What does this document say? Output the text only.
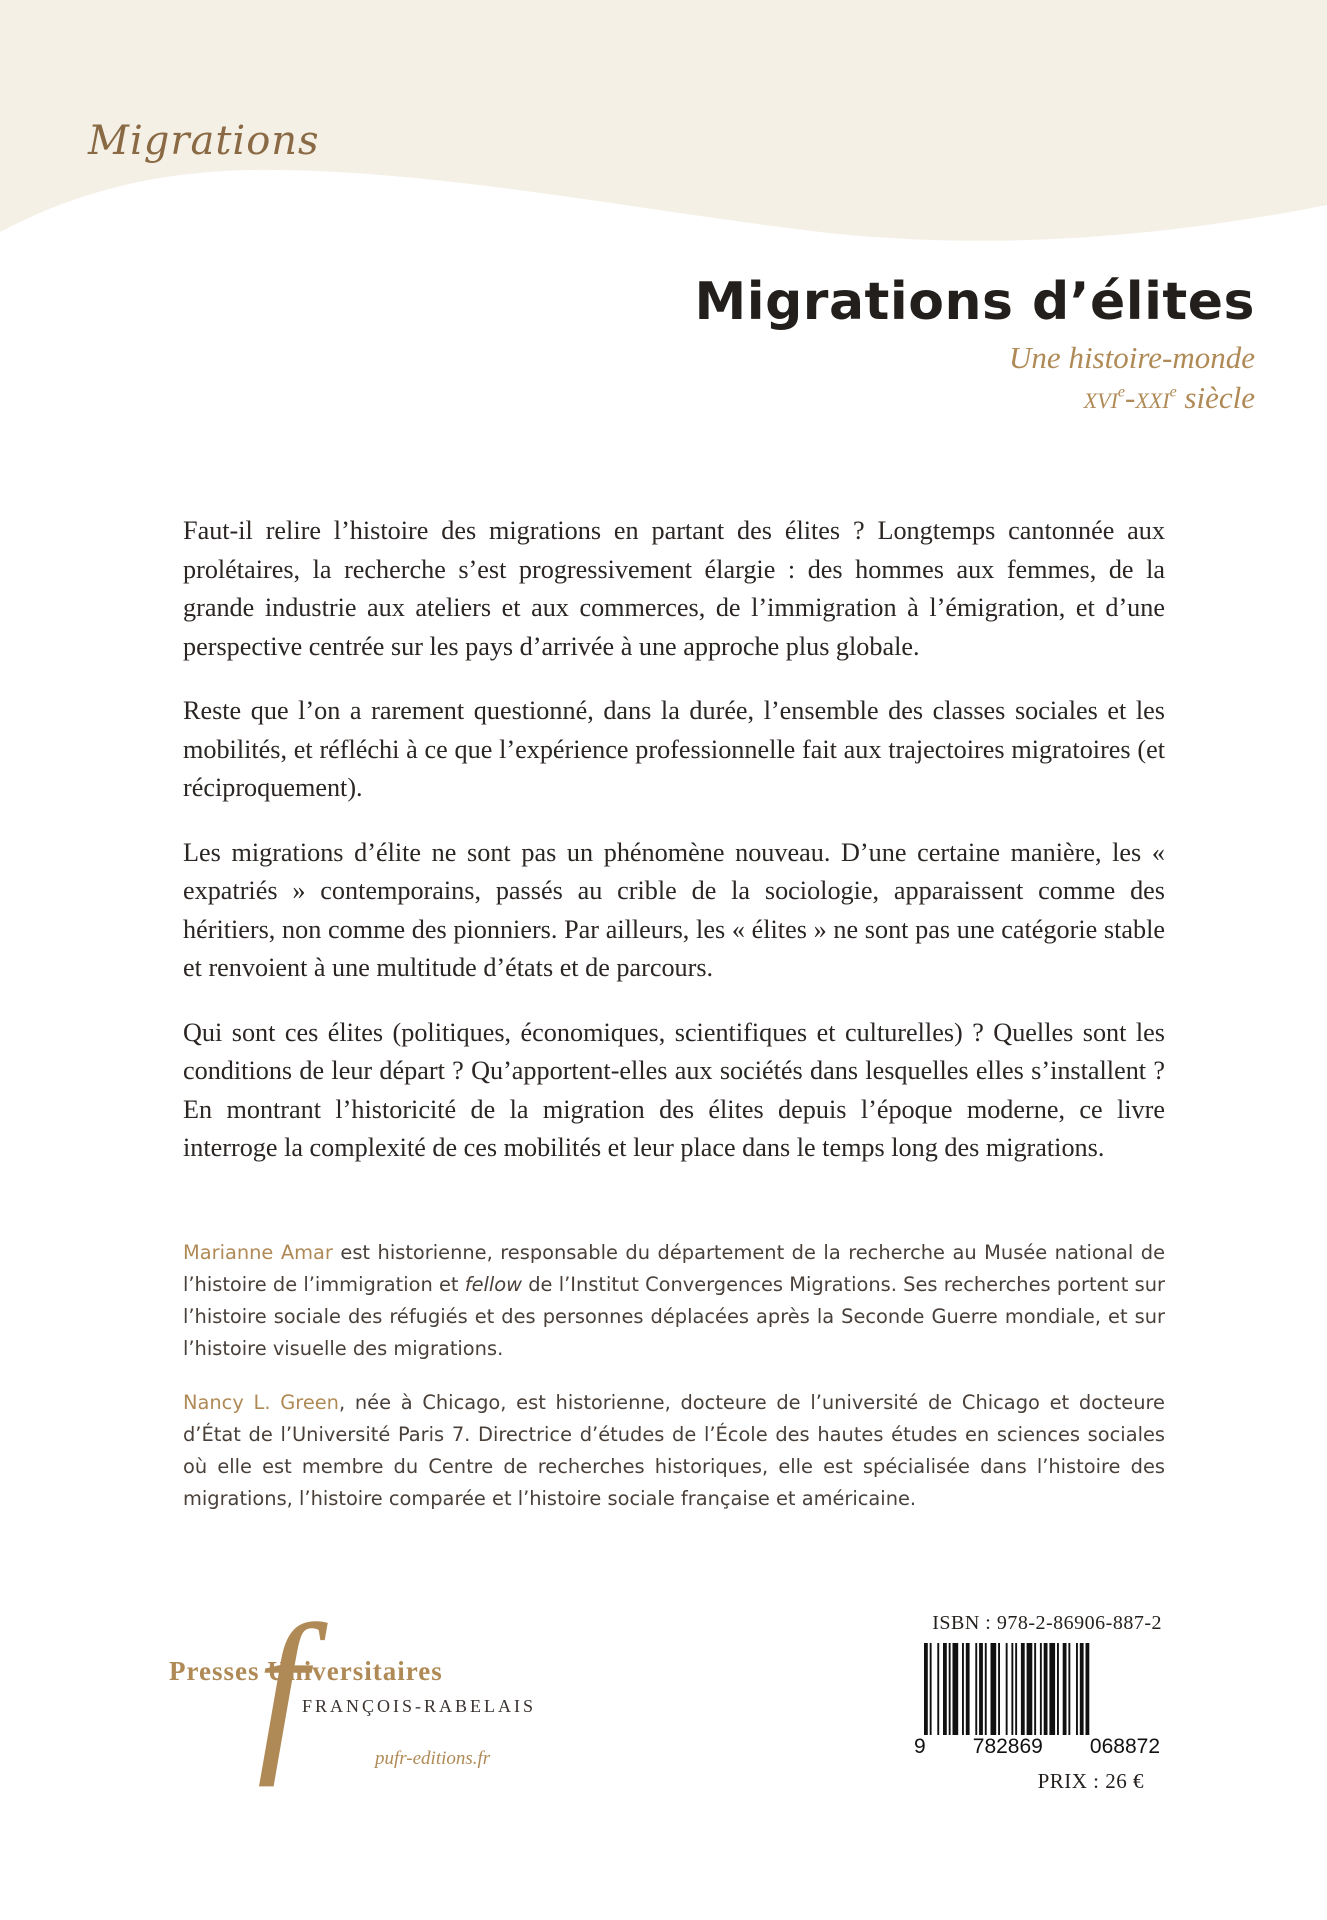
Migrations
Migrations d’élites

Une histoire-monde

xvi$^e$-xxi$^e$ siècle

Faut-il relire l’histoire des migrations en partant des élites ? Longtemps cantonnée aux prolétaires, la recherche s’est progressivement élargie : des hommes aux femmes, de la grande industrie aux ateliers et aux commerces, de l’immigration à l’émigration, et d’une perspective centrée sur les pays d’arrivée à une approche plus globale.

Reste que l’on a rarement questionné, dans la durée, l’ensemble des classes sociales et les mobilités, et réfléchi à ce que l’expérience professionnelle fait aux trajectoires migratoires (et réciproquement).

Les migrations d’élite ne sont pas un phénomène nouveau. D’une certaine manière, les « expatriés » contemporains, passés au crible de la sociologie, apparaissent comme des héritiers, non comme des pionniers. Par ailleurs, les « élites » ne sont pas une catégorie stable et renvoient à une multitude d’états et de parcours.

Qui sont ces élites (politiques, économiques, scientifiques et culturelles) ? Quelles sont les conditions de leur départ ? Qu’apportent-elles aux sociétés dans lesquelles elles s’installent ? En montrant l’historicité de la migration des élites depuis l’époque moderne, ce livre interroge la complexité de ces mobilités et leur place dans le temps long des migrations.

Marianne Amar est historienne, responsable du département de la recherche au Musée national de l’histoire de l’immigration et fellow de l’Institut Convergences Migrations. Ses recherches portent sur l’histoire sociale des réfugiés et des personnes déplacées après la Seconde Guerre mondiale, et sur l’histoire visuelle des migrations.

Nancy L. Green, née à Chicago, est historienne, docteure de l’université de Chicago et docteure d’État de l’Université Paris 7. Directrice d’études de l’École des hautes études en sciences sociales où elle est membre du Centre de recherches historiques, elle est spécialisée dans l’histoire des migrations, l’histoire comparée et l’histoire sociale française et américaine.

f
Presses Universitaires
FRANÇOIS-RABELAIS
pufr-editions.fr
ISBN : 978-2-86906-887-2
9 782869 068872
PRIX : 26 €
